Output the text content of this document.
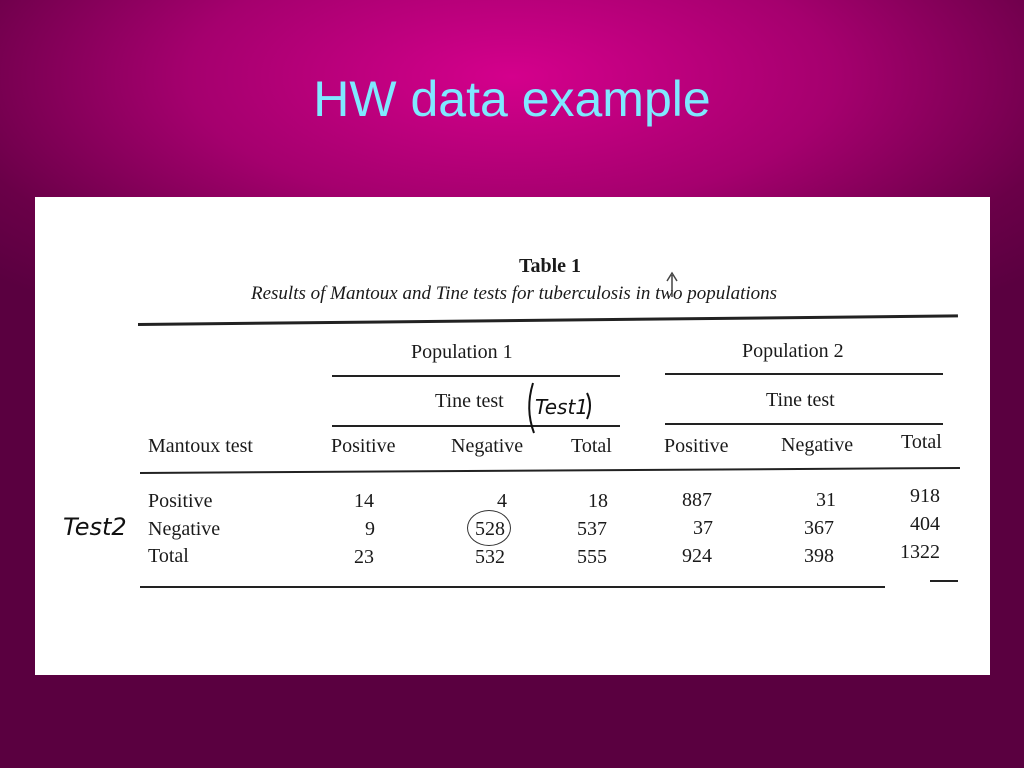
HW data example
Table 1
Results of Mantoux and Tine tests for tuberculosis in two populations
Population 1	Population 2
Tine test	Tine test
Mantoux test	Positive	Negative Total	Positive	Negative Total
Positive	14	4	18	887	31	918
Negative	9	528	537	37	367	404
Total	23	532	555	924	398	1322
Test1
Test2
